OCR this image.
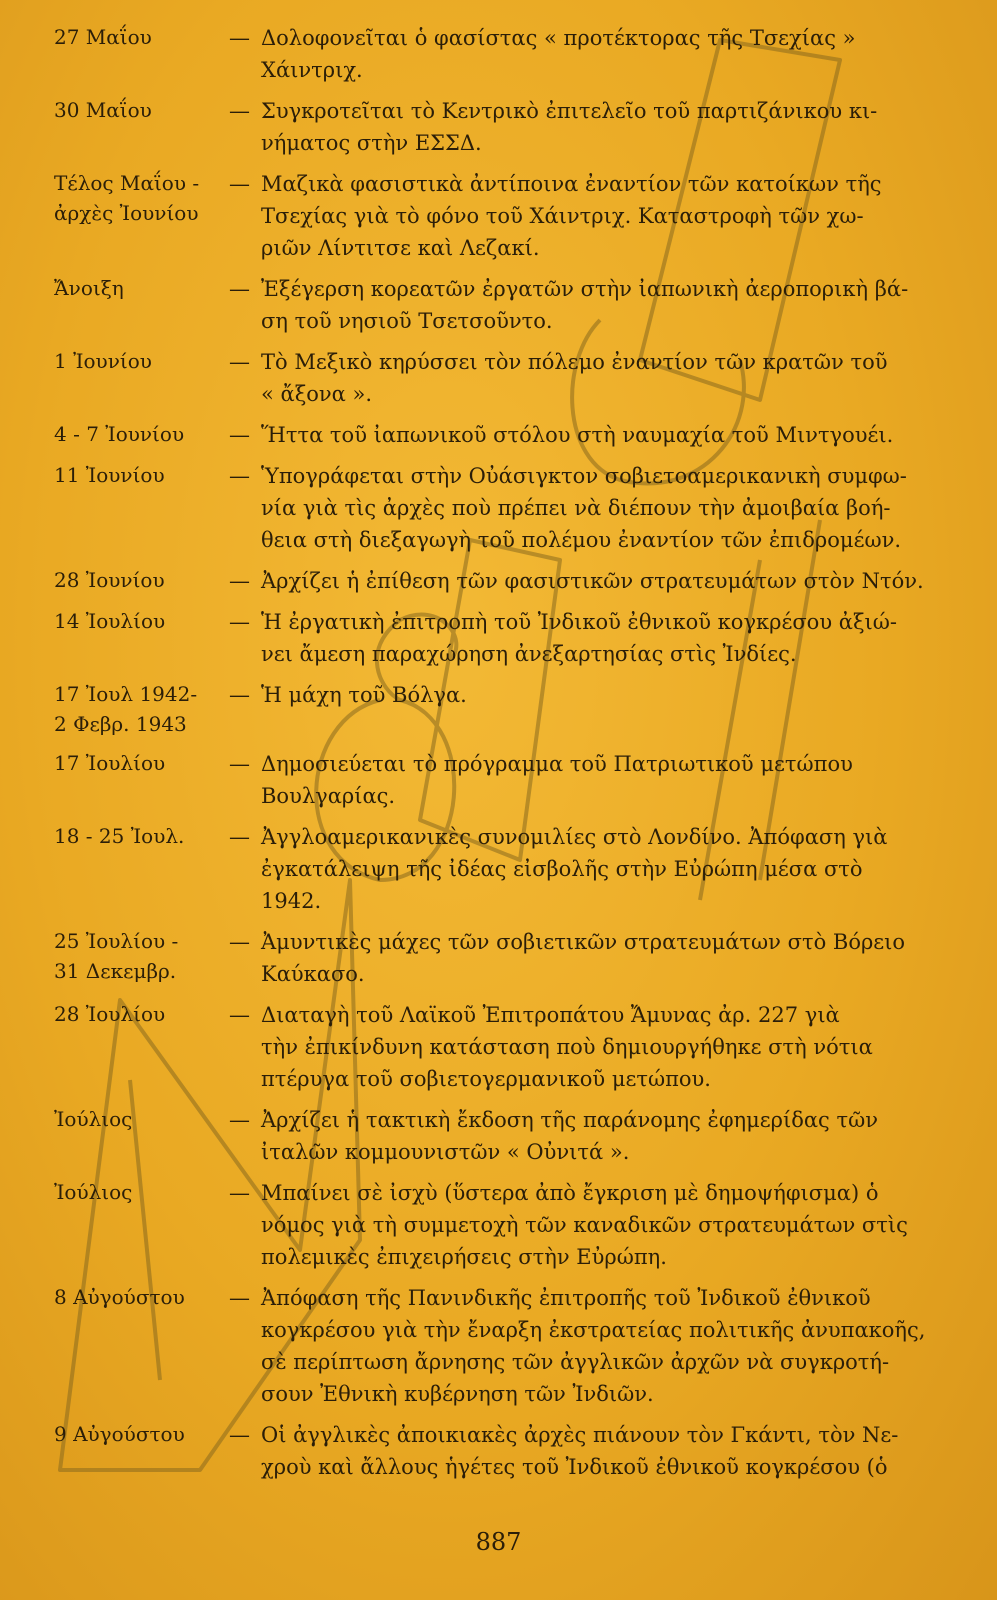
27 Μαΐου	— Δολοφονεῖται ὁ φασίστας « προτέκτορας τῆς Τσεχίας »
Χάιντριχ.
30 Μαΐου	— Συγκροτεῖται τὸ Κεντρικὸ ἐπιτελεῖο τοῦ παρτιζάνικου κι-
νήματος στὴν ΕΣΣΔ.
Τέλος Μαΐου -
ἀρχὲς Ἰουνίου
— Μαζικὰ φασιστικὰ ἀντίποινα ἐναντίον τῶν κατοίκων τῆς
Τσεχίας γιὰ τὸ φόνο τοῦ Χάιντριχ. Καταστροφὴ τῶν χω-
ριῶν Λίντιτσε καὶ Λεζακί.
Ἄνοιξη	— Ἐξέγερση κορεατῶν ἐργατῶν στὴν ἰαπωνικὴ ἀεροπορικὴ βά-
ση τοῦ νησιοῦ Τσετσοῦντο.
1 Ἰουνίου	— Τὸ Μεξικὸ κηρύσσει τὸν πόλεμο ἐναντίον τῶν κρατῶν τοῦ
« ἄξονα ».
4 - 7 Ἰουνίου	— Ἥττα τοῦ ἰαπωνικοῦ στόλου στὴ ναυμαχία τοῦ Μιντγουέι.
11 Ἰουνίου	— Ὑπογράφεται στὴν Οὐάσιγκτον σοβιετοαμερικανικὴ συμφω-
νία γιὰ τὶς ἀρχὲς ποὺ πρέπει νὰ διέπουν τὴν ἀμοιβαία βοή-
θεια στὴ διεξαγωγὴ τοῦ πολέμου ἐναντίον τῶν ἐπιδρομέων.
28 Ἰουνίου	— Ἀρχίζει ἡ ἐπίθεση τῶν φασιστικῶν στρατευμάτων στὸν Ντόν.
14 Ἰουλίου	— Ἡ ἐργατικὴ ἐπιτροπὴ τοῦ Ἰνδικοῦ ἐθνικοῦ κογκρέσου ἀξιώ-
νει ἄμεση παραχώρηση ἀνεξαρτησίας στὶς Ἰνδίες.
17 Ἰουλ 1942-
2 Φεβρ. 1943
— Ἡ μάχη τοῦ Βόλγα.
17 Ἰουλίου	— Δημοσιεύεται τὸ πρόγραμμα τοῦ Πατριωτικοῦ μετώπου
Βουλγαρίας.
18 - 25 Ἰουλ.	— Ἀγγλοαμερικανικὲς συνομιλίες στὸ Λονδίνο. Ἀπόφαση γιὰ
ἐγκατάλειψη τῆς ἰδέας εἰσβολῆς στὴν Εὐρώπη μέσα στὸ
1942.
25 Ἰουλίου -
31 Δεκεμβρ.
— Ἀμυντικὲς μάχες τῶν σοβιετικῶν στρατευμάτων στὸ Βόρειο
Καύκασο.
28 Ἰουλίου	— Διαταγὴ τοῦ Λαϊκοῦ Ἐπιτροπάτου Ἄμυνας ἀρ. 227 γιὰ
τὴν ἐπικίνδυνη κατάσταση ποὺ δημιουργήθηκε στὴ νότια
πτέρυγα τοῦ σοβιετογερμανικοῦ μετώπου.
Ἰούλιος	— Ἀρχίζει ἡ τακτικὴ ἔκδοση τῆς παράνομης ἐφημερίδας τῶν
ἰταλῶν κομμουνιστῶν « Οὐνιτά ».
Ἰούλιος	— Μπαίνει σὲ ἰσχὺ (ὕστερα ἀπὸ ἔγκριση μὲ δημοψήφισμα) ὁ
νόμος γιὰ τὴ συμμετοχὴ τῶν καναδικῶν στρατευμάτων στὶς
πολεμικὲς ἐπιχειρήσεις στὴν Εὐρώπη.
8 Αὐγούστου	— Ἀπόφαση τῆς Πανινδικῆς ἐπιτροπῆς τοῦ Ἰνδικοῦ ἐθνικοῦ
κογκρέσου γιὰ τὴν ἔναρξη ἐκστρατείας πολιτικῆς ἀνυπακοῆς,
σὲ περίπτωση ἄρνησης τῶν ἀγγλικῶν ἀρχῶν νὰ συγκροτή-
σουν Ἐθνικὴ κυβέρνηση τῶν Ἰνδιῶν.
9 Αὐγούστου	— Οἱ ἀγγλικὲς ἀποικιακὲς ἀρχὲς πιάνουν τὸν Γκάντι, τὸν Νε-
χροὺ καὶ ἄλλους ἡγέτες τοῦ Ἰνδικοῦ ἐθνικοῦ κογκρέσου (ὁ
887
